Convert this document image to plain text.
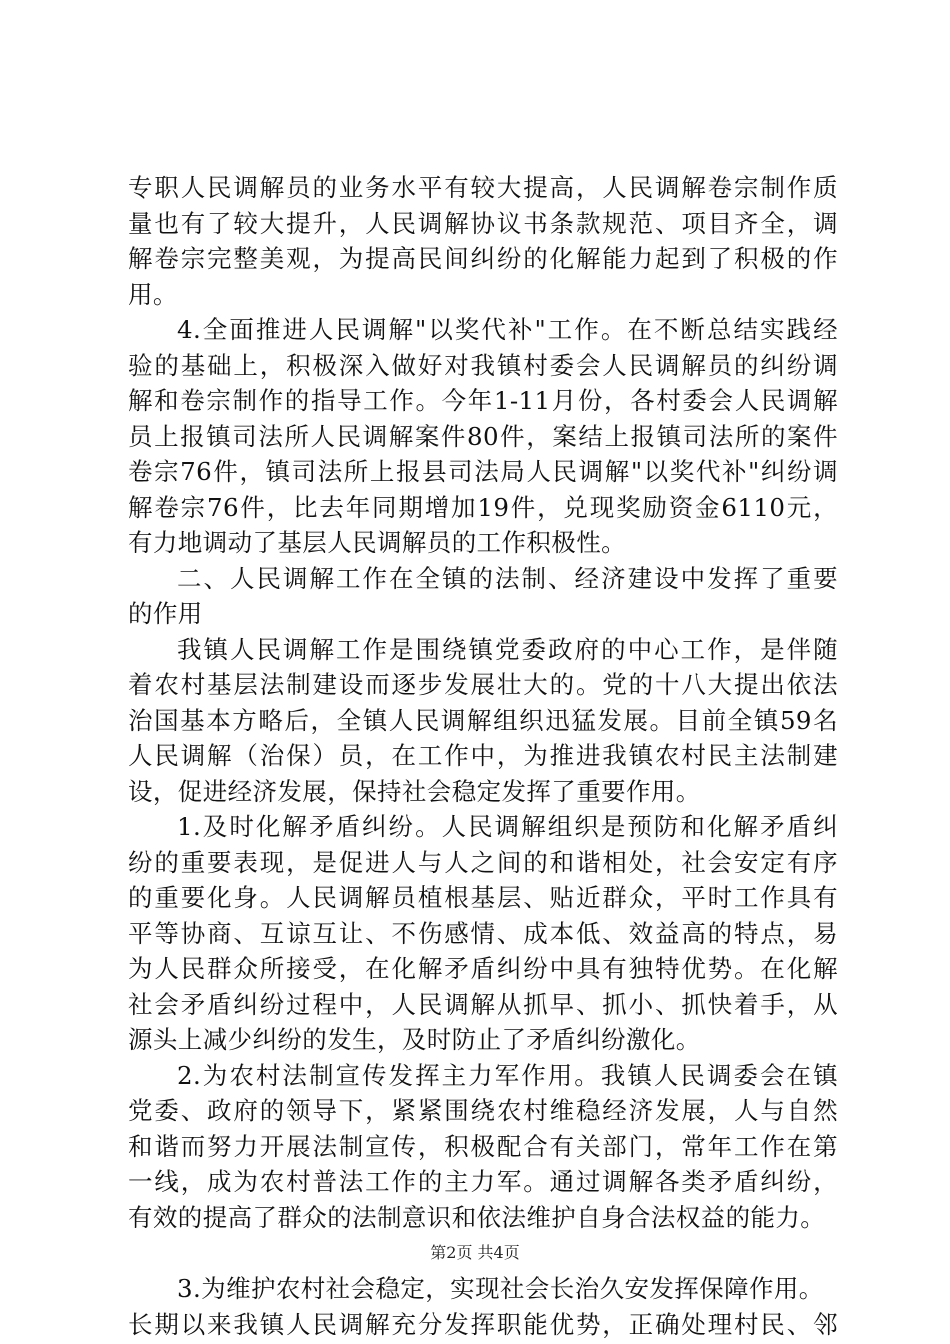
专职人民调解员的业务水平有较大提高，人民调解卷宗制作质
量也有了较大提升，人民调解协议书条款规范、项目齐全，调
解卷宗完整美观，为提高民间纠纷的化解能力起到了积极的作
用。
4.全面推进人民调解"以奖代补"工作。在不断总结实践经
验的基础上，积极深入做好对我镇村委会人民调解员的纠纷调
解和卷宗制作的指导工作。今年1-11月份，各村委会人民调解
员上报镇司法所人民调解案件80件，案结上报镇司法所的案件
卷宗76件，镇司法所上报县司法局人民调解"以奖代补"纠纷调
解卷宗76件，比去年同期增加19件，兑现奖励资金6110元，
有力地调动了基层人民调解员的工作积极性。
二、人民调解工作在全镇的法制、经济建设中发挥了重要
的作用
我镇人民调解工作是围绕镇党委政府的中心工作，是伴随
着农村基层法制建设而逐步发展壮大的。党的十八大提出依法
治国基本方略后，全镇人民调解组织迅猛发展。目前全镇59名
人民调解（治保）员，在工作中，为推进我镇农村民主法制建
设，促进经济发展，保持社会稳定发挥了重要作用。
1.及时化解矛盾纠纷。人民调解组织是预防和化解矛盾纠
纷的重要表现，是促进人与人之间的和谐相处，社会安定有序
的重要化身。人民调解员植根基层、贴近群众，平时工作具有
平等协商、互谅互让、不伤感情、成本低、效益高的特点，易
为人民群众所接受，在化解矛盾纠纷中具有独特优势。在化解
社会矛盾纠纷过程中，人民调解从抓早、抓小、抓快着手，从
源头上减少纠纷的发生，及时防止了矛盾纠纷激化。
2.为农村法制宣传发挥主力军作用。我镇人民调委会在镇
党委、政府的领导下，紧紧围绕农村维稳经济发展，人与自然
和谐而努力开展法制宣传，积极配合有关部门，常年工作在第
一线，成为农村普法工作的主力军。通过调解各类矛盾纠纷，
有效的提高了群众的法制意识和依法维护自身合法权益的能力。
3.为维护农村社会稳定，实现社会长治久安发挥保障作用。
长期以来我镇人民调解充分发挥职能优势，正确处理村民、邻
第2页 共4页
